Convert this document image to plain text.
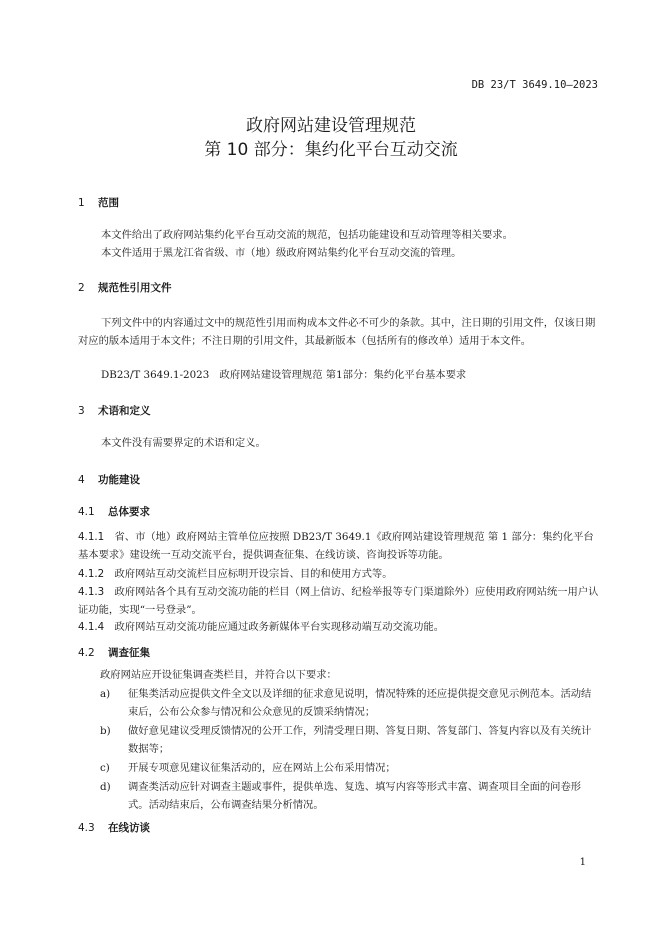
DB 23/T 3649.10—2023
政府网站建设管理规范
第 10 部分：集约化平台互动交流
1 范围

本文件给出了政府网站集约化平台互动交流的规范，包括功能建设和互动管理等相关要求。

本文件适用于黑龙江省省级、市（地）级政府网站集约化平台互动交流的管理。

2 规范性引用文件

下列文件中的内容通过文中的规范性引用而构成本文件必不可少的条款。其中，注日期的引用文件，仅该日期对应的版本适用于本文件；不注日期的引用文件，其最新版本（包括所有的修改单）适用于本文件。

DB23/T 3649.1-2023　政府网站建设管理规范 第1部分：集约化平台基本要求

3 术语和定义

本文件没有需要界定的术语和定义。

4 功能建设
4.1 总体要求

4.1.1　 省、市（地）政府网站主管单位应按照 DB23/T 3649.1《政府网站建设管理规范 第 1 部分：集约化平台基本要求》建设统一互动交流平台，提供调查征集、在线访谈、咨询投诉等功能。

4.1.2　 政府网站互动交流栏目应标明开设宗旨、目的和使用方式等。

4.1.3　 政府网站各个具有互动交流功能的栏目（网上信访、纪检举报等专门渠道除外）应使用政府网站统一用户认证功能，实现“一号登录”。

4.1.4　 政府网站互动交流功能应通过政务新媒体平台实现移动端互动交流功能。

4.2 调查征集

政府网站应开设征集调查类栏目，并符合以下要求：

a) 征集类活动应提供文件全文以及详细的征求意见说明，情况特殊的还应提供提交意见示例范本。活动结束后，公布公众参与情况和公众意见的反馈采纳情况；
b) 做好意见建议受理反馈情况的公开工作，列清受理日期、答复日期、答复部门、答复内容以及有关统计数据等；
c) 开展专项意见建议征集活动的，应在网站上公布采用情况；
d) 调查类活动应针对调查主题或事件，提供单选、复选、填写内容等形式丰富、调查项目全面的问卷形式。活动结束后，公布调查结果分析情况。
4.3 在线访谈
1
